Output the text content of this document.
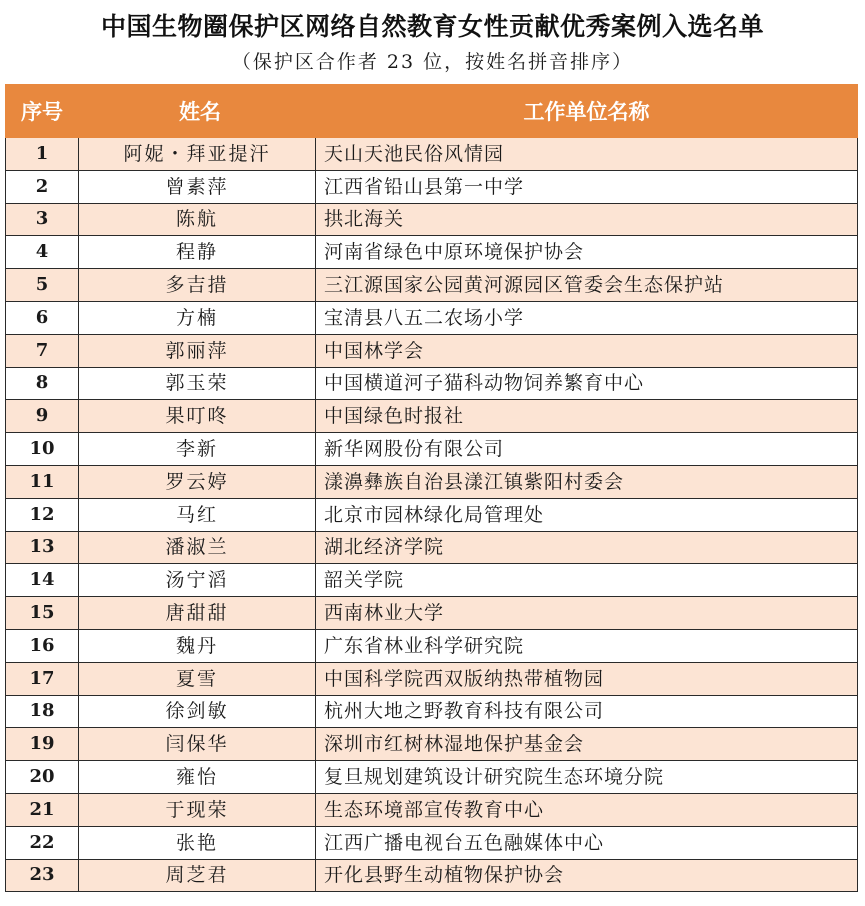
中国生物圈保护区网络自然教育女性贡献优秀案例入选名单
（保护区合作者 23 位，按姓名拼音排序）
序号	姓名	工作单位名称
1	阿妮・拜亚提汗	天山天池民俗风情园
2	曾素萍	江西省铅山县第一中学
3	陈航	拱北海关
4	程静	河南省绿色中原环境保护协会
5	多吉措	三江源国家公园黄河源园区管委会生态保护站
6	方楠	宝清县八五二农场小学
7	郭丽萍	中国林学会
8	郭玉荣	中国横道河子猫科动物饲养繁育中心
9	果叮咚	中国绿色时报社
10	李新	新华网股份有限公司
11	罗云婷	漾濞彝族自治县漾江镇紫阳村委会
12	马红	北京市园林绿化局管理处
13	潘淑兰	湖北经济学院
14	汤宁滔	韶关学院
15	唐甜甜	西南林业大学
16	魏丹	广东省林业科学研究院
17	夏雪	中国科学院西双版纳热带植物园
18	徐剑敏	杭州大地之野教育科技有限公司
19	闫保华	深圳市红树林湿地保护基金会
20	雍怡	复旦规划建筑设计研究院生态环境分院
21	于现荣	生态环境部宣传教育中心
22	张艳	江西广播电视台五色融媒体中心
23	周芝君	开化县野生动植物保护协会
